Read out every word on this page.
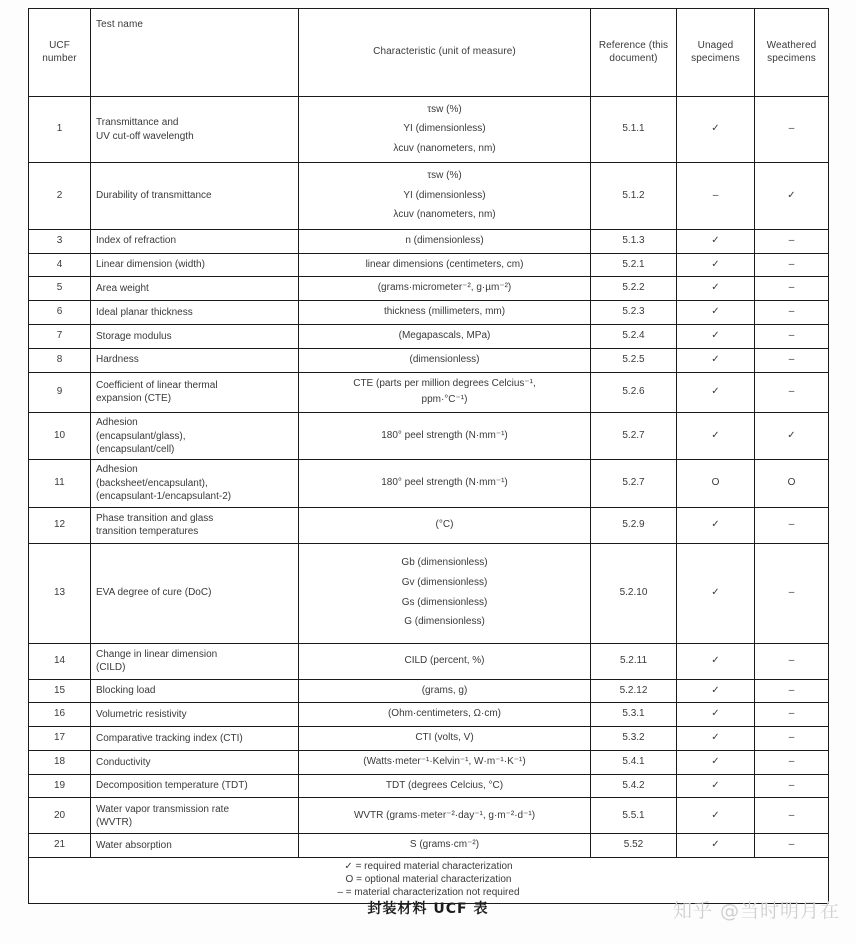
UCF number	Test name	Characteristic (unit of measure)	Reference (this document)	Unaged specimens	Weathered specimens
1	Transmittance and
UV cut-off wavelength	τsw (%)
YI (dimensionless)
λcuv (nanometers, nm)	5.1.1	✓	–
2	Durability of transmittance	τsw (%)
YI (dimensionless)
λcuv (nanometers, nm)	5.1.2	–	✓
3	Index of refraction	n (dimensionless)	5.1.3	✓	–
4	Linear dimension (width)	linear dimensions (centimeters, cm)	5.2.1	✓	–
5	Area weight	(grams·micrometer⁻², g·µm⁻²)	5.2.2	✓	–
6	Ideal planar thickness	thickness (millimeters, mm)	5.2.3	✓	–
7	Storage modulus	(Megapascals, MPa)	5.2.4	✓	–
8	Hardness	(dimensionless)	5.2.5	✓	–
9	Coefficient of linear thermal
expansion (CTE)	CTE (parts per million degrees Celcius⁻¹,
ppm·°C⁻¹)	5.2.6	✓	–
10	Adhesion
(encapsulant/glass),
(encapsulant/cell)	180° peel strength (N·mm⁻¹)	5.2.7	✓	✓
11	Adhesion
(backsheet/encapsulant),
(encapsulant-1/encapsulant-2)	180° peel strength (N·mm⁻¹)	5.2.7	O	O
12	Phase transition and glass
transition temperatures	(°C)	5.2.9	✓	–
13	EVA degree of cure (DoC)	Gb (dimensionless)
Gv (dimensionless)
Gs (dimensionless)
G (dimensionless)	5.2.10	✓	–
14	Change in linear dimension
(CILD)	CILD (percent, %)	5.2.11	✓	–
15	Blocking load	(grams, g)	5.2.12	✓	–
16	Volumetric resistivity	(Ohm·centimeters, Ω·cm)	5.3.1	✓	–
17	Comparative tracking index (CTI)	CTI (volts, V)	5.3.2	✓	–
18	Conductivity	(Watts·meter⁻¹·Kelvin⁻¹, W·m⁻¹·K⁻¹)	5.4.1	✓	–
19	Decomposition temperature (TDT)	TDT (degrees Celcius, °C)	5.4.2	✓	–
20	Water vapor transmission rate
(WVTR)	WVTR (grams·meter⁻²·day⁻¹, g·m⁻²·d⁻¹)	5.5.1	✓	–
21	Water absorption	S (grams·cm⁻²)	5.52	✓	–

✓ = required material characterization
O = optional material characterization
– = material characterization not required					
封装材料 UCF 表	知乎 @当时明月在
